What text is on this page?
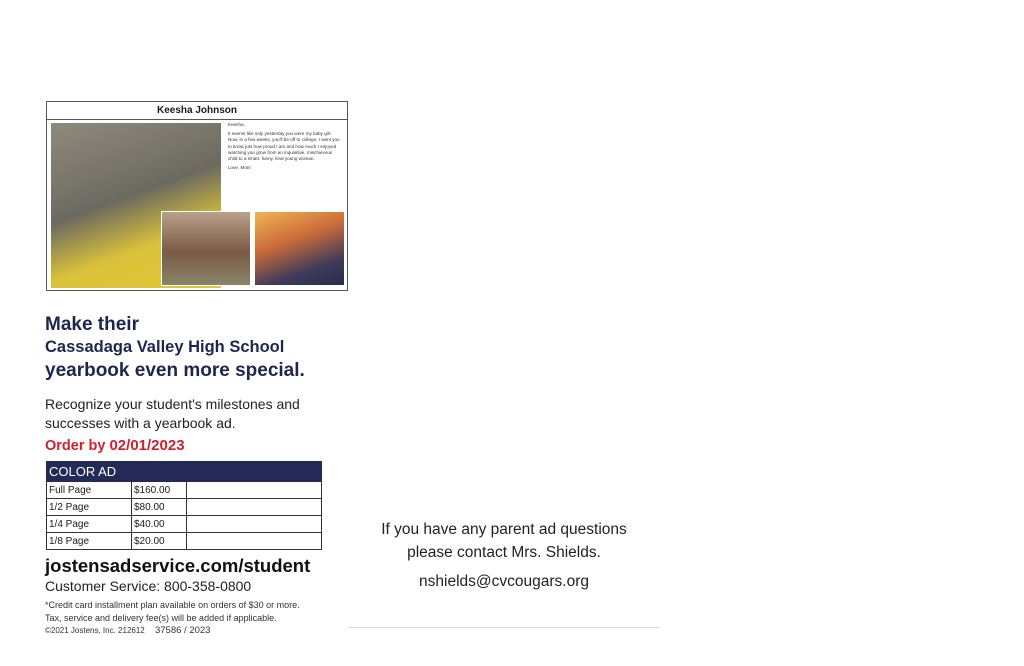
Keesha Johnson

Keesha,

It seems like only yesterday you were my baby girl. Now, in a few weeks, you'll be off to college. I want you to know just how proud I am and how much I enjoyed watching you grow from an inquisitive, mischievous child to a smart, funny, kind young woman.

Love, Mom

Make their
Cassadaga Valley High School
yearbook even more special.
Recognize your student's milestones and successes with a yearbook ad.
Order by 02/01/2023
COLOR AD		
Full Page	$160.00	
1/2 Page	$80.00	
1/4 Page	$40.00	
1/8 Page	$20.00	
jostensadservice.com/student
Customer Service: 800-358-0800
*Credit card installment plan available on orders of $30 or more.
Tax, service and delivery fee(s) will be added if applicable.
©2021 Jostens, Inc. 212612 37586 / 2023
If you have any parent ad questions
please contact Mrs. Shields.
nshields@cvcougars.org
